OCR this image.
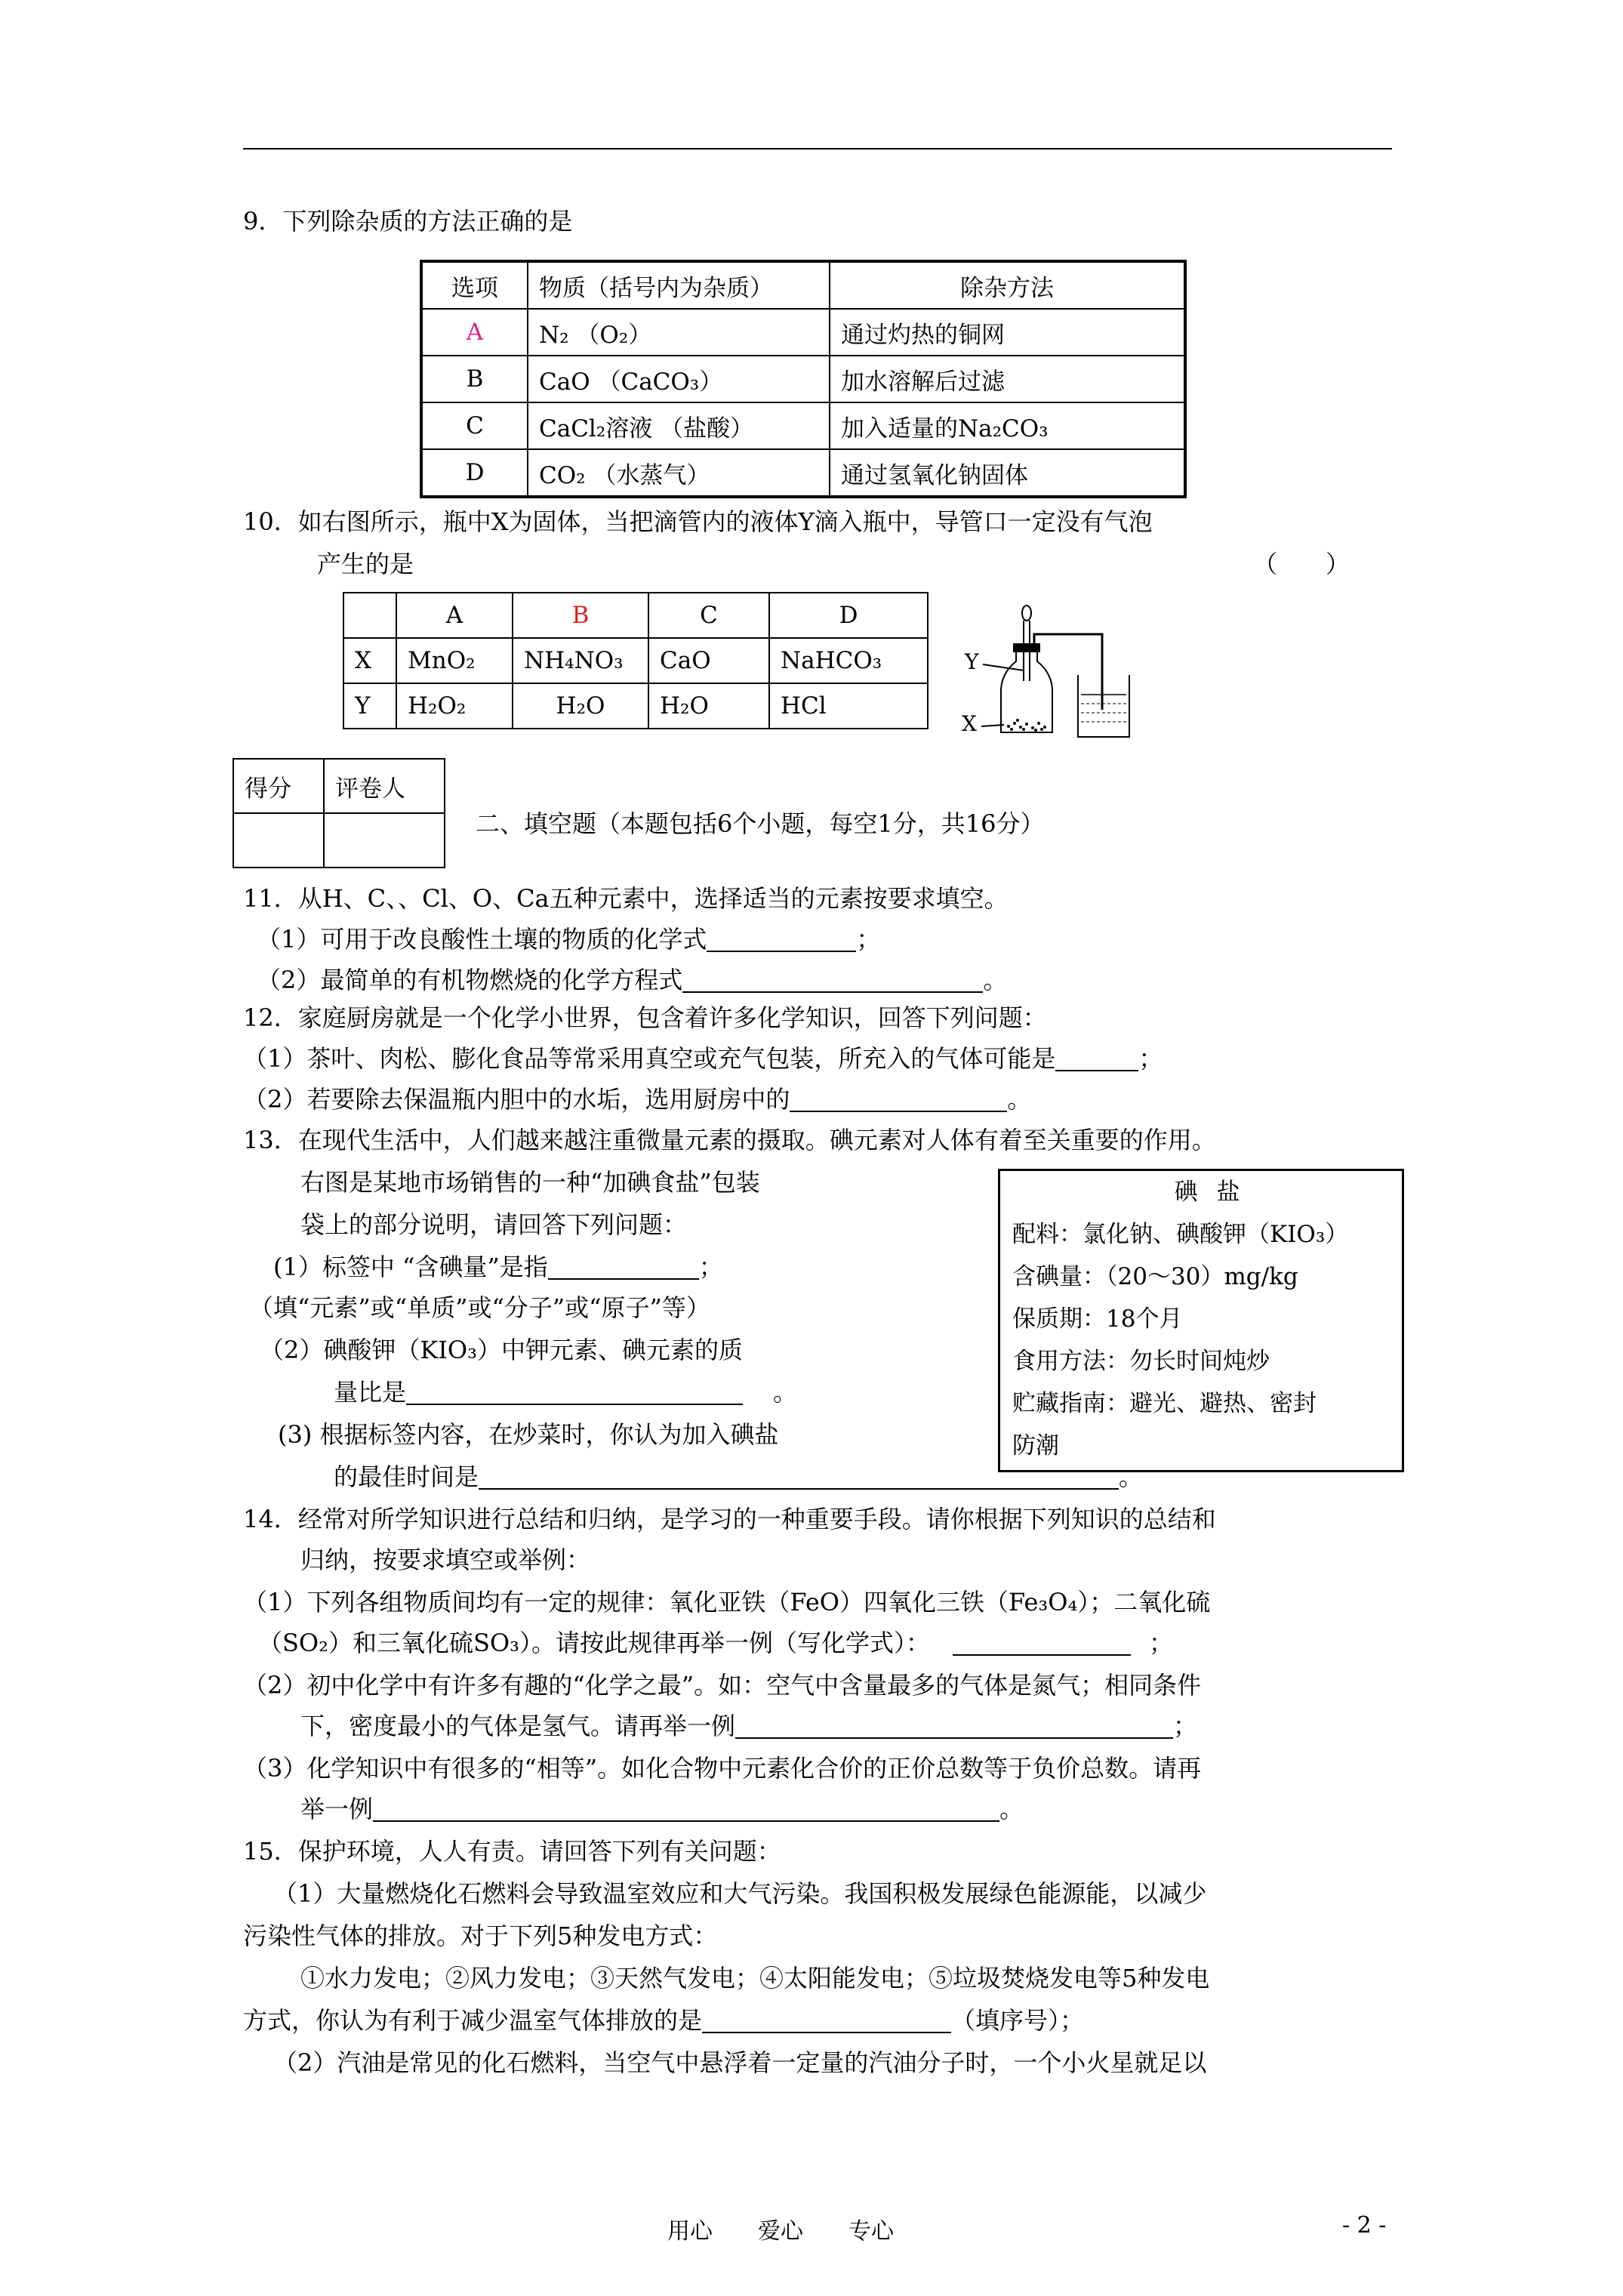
9．下列除杂质的方法正确的是
选项	物质（括号内为杂质）	除杂方法
A	N₂ （O₂）	通过灼热的铜网
B	CaO （CaCO₃）	加水溶解后过滤
C	CaCl₂溶液 （盐酸）	加入适量的Na₂CO₃
D	CO₂ （水蒸气）	通过氢氧化钠固体
10．如右图所示，瓶中X为固体，当把滴管内的液体Y滴入瓶中，导管口一定没有气泡
产生的是	（　　）
	A	B	C	D
X	MnO₂	NH₄NO₃	CaO	NaHCO₃
Y	H₂O₂	H₂O	H₂O	HCl
Y
X
得分	评卷人

二、填空题（本题包括6个小题，每空1分，共16分）
11．从H、C、、Cl、O、Ca五种元素中，选择适当的元素按要求填空。
（1）可用于改良酸性土壤的物质的化学式	；
（2）最简单的有机物燃烧的化学方程式	。
12．家庭厨房就是一个化学小世界，包含着许多化学知识，回答下列问题：
（1）茶叶、肉松、膨化食品等常采用真空或充气包装，所充入的气体可能是	；
（2）若要除去保温瓶内胆中的水垢，选用厨房中的	。
13．在现代生活中，人们越来越注重微量元素的摄取。碘元素对人体有着至关重要的作用。
右图是某地市场销售的一种“加碘食盐”包装
袋上的部分说明，请回答下列问题：
(1）标签中 “含碘量”是指	；
（填“元素”或“单质”或“分子”或“原子”等）
（2）碘酸钾（KIO₃）中钾元素、碘元素的质
量比是	。
(3) 根据标签内容，在炒菜时，你认为加入碘盐
的最佳时间是	。
碘盐
配料：氯化钠、碘酸钾（KIO₃）
含碘量：（20～30）mg/kg
保质期：18个月
食用方法：勿长时间炖炒
贮藏指南：避光、避热、密封
防潮
14．经常对所学知识进行总结和归纳，是学习的一种重要手段。请你根据下列知识的总结和
归纳，按要求填空或举例：
（1）下列各组物质间均有一定的规律：氧化亚铁（FeO）四氧化三铁（Fe₃O₄）；二氧化硫
（SO₂）和三氧化硫SO₃）。请按此规律再举一例（写化学式）：	；
（2）初中化学中有许多有趣的“化学之最”。如：空气中含量最多的气体是氮气；相同条件
下，密度最小的气体是氢气。请再举一例	；
（3）化学知识中有很多的“相等”。如化合物中元素化合价的正价总数等于负价总数。请再
举一例	。
15．保护环境，人人有责。请回答下列有关问题：
（1）大量燃烧化石燃料会导致温室效应和大气污染。我国积极发展绿色能源能，以减少
污染性气体的排放。对于下列5种发电方式：
①水力发电；②风力发电；③天然气发电；④太阳能发电；⑤垃圾焚烧发电等5种发电
方式，你认为有利于减少温室气体排放的是	（填序号）；
（2）汽油是常见的化石燃料，当空气中悬浮着一定量的汽油分子时，一个小火星就足以
用心　　爱心　　专心	- 2 -
